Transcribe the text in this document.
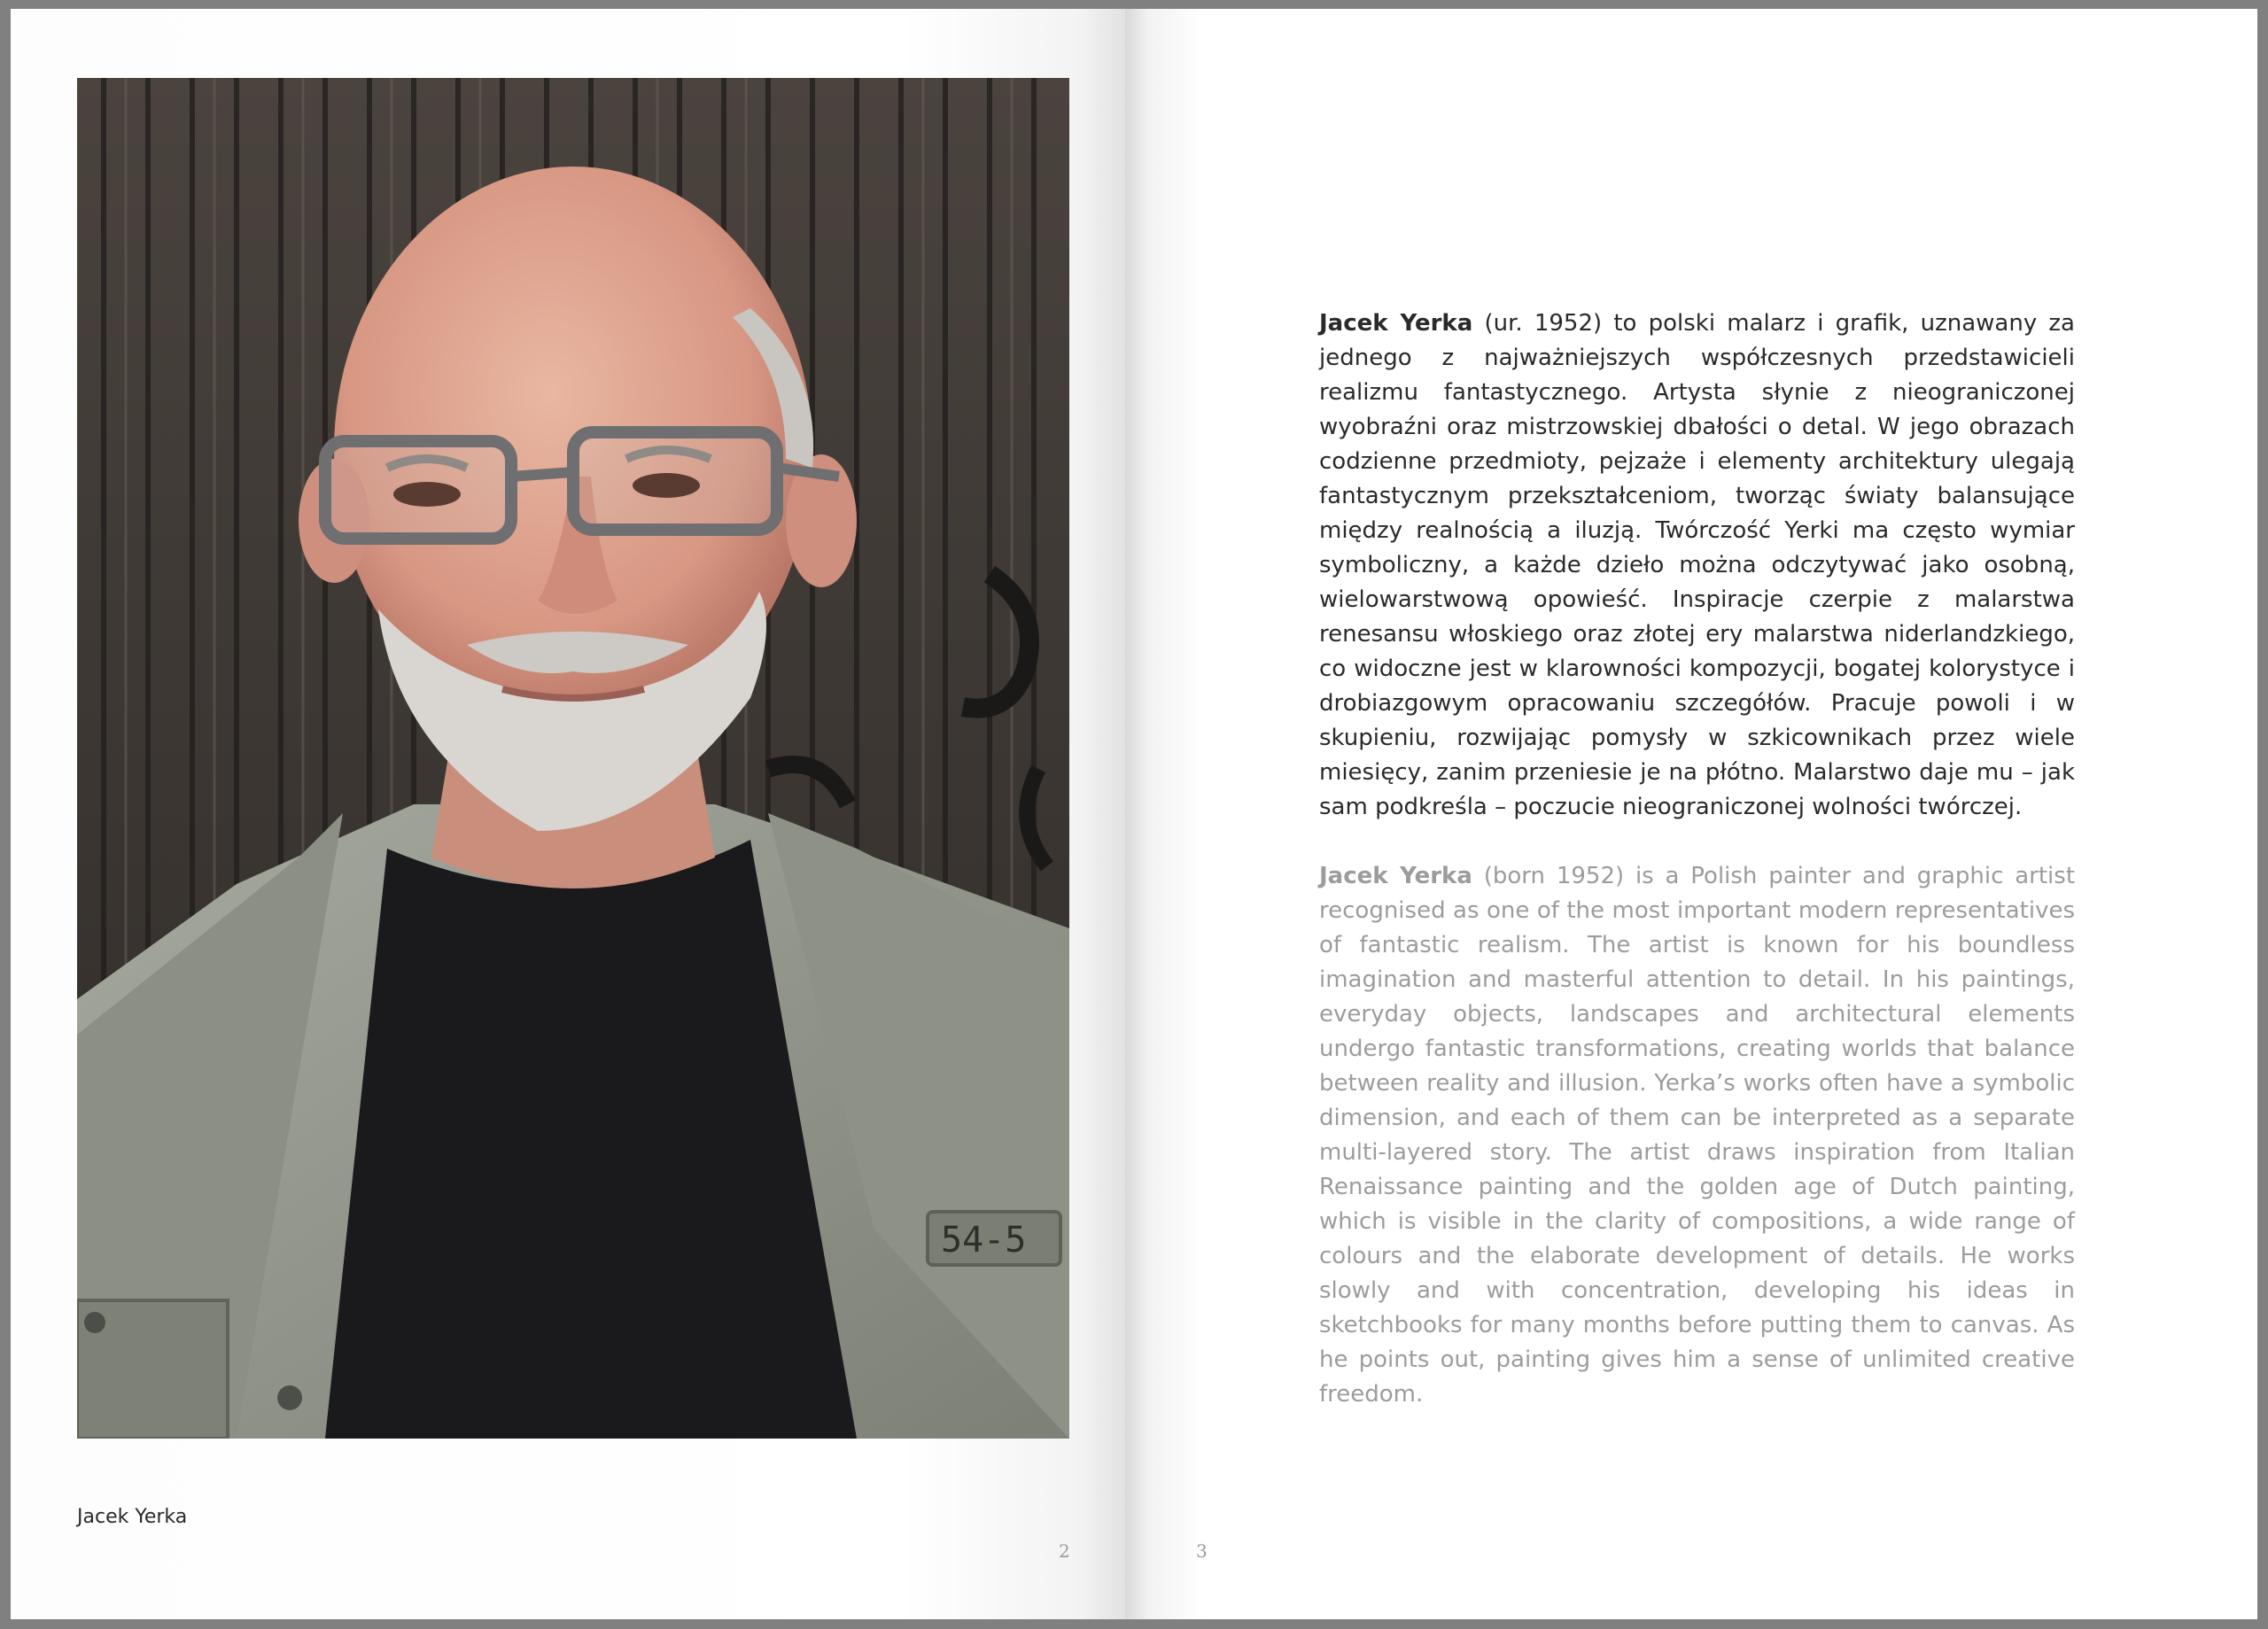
54-5
Jacek Yerka
2

Jacek Yerka (ur. 1952) to polski malarz i grafik, uznawany za jednego z najważniejszych współczesnych przedstawicieli realizmu fantastycznego. Artysta słynie z nieograniczonej wyobraźni oraz mistrzowskiej dbałości o detal. W jego obrazach codzienne przedmioty, pejzaże i elementy architektury ulegają fantastycznym przekształceniom, tworząc światy balansujące między realnością a iluzją. Twórczość Yerki ma często wymiar symboliczny, a każde dzieło można odczytywać jako osobną, wielowarstwową opowieść. Inspiracje czerpie z malarstwa renesansu włoskiego oraz złotej ery malarstwa niderlandzkiego, co widoczne jest w klarowności kompozycji, bogatej kolorystyce i drobiazgowym opracowaniu szczegółów. Pracuje powoli i w skupieniu, rozwijając pomysły w szkicownikach przez wiele miesięcy, zanim przeniesie je na płótno. Malarstwo daje mu – jak sam podkreśla – poczucie nieograniczonej wolności twórczej.

Jacek Yerka (born 1952) is a Polish painter and graphic artist recognised as one of the most important modern representatives of fantastic realism. The artist is known for his boundless imagination and masterful attention to detail. In his paintings, everyday objects, landscapes and architectural elements undergo fantastic transformations, creating worlds that balance between reality and illusion. Yerka’s works often have a symbolic dimension, and each of them can be interpreted as a separate multi-layered story. The artist draws inspiration from Italian Renaissance painting and the golden age of Dutch painting, which is visible in the clarity of compositions, a wide range of colours and the elaborate development of details. He works slowly and with concentration, developing his ideas in sketchbooks for many months before putting them to canvas. As he points out, painting gives him a sense of unlimited creative freedom.

3
